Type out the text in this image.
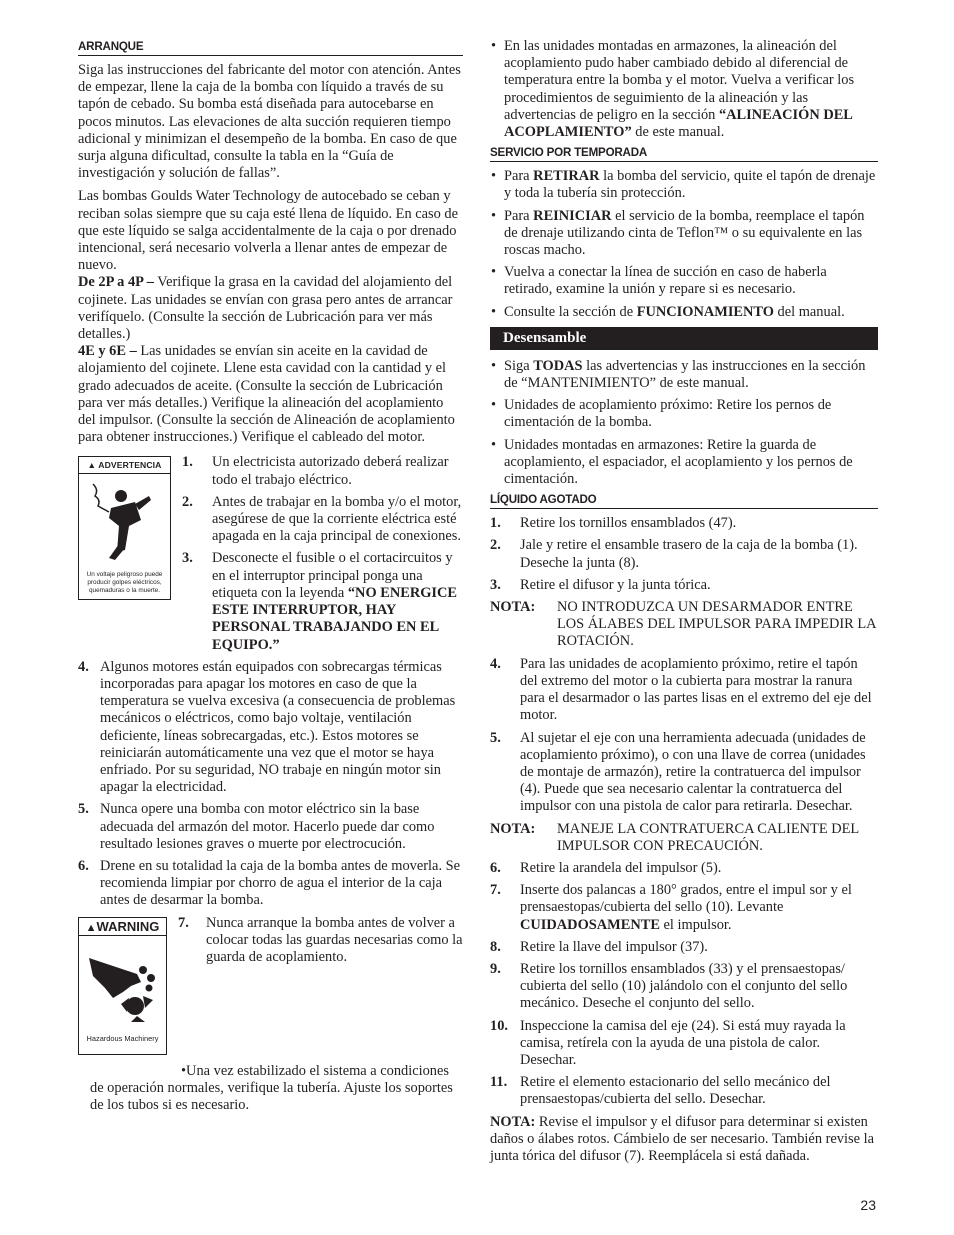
ARRANQUE

Siga las instrucciones del fabricante del motor con atención. Antes de empezar, llene la caja de la bomba con líquido a través de su tapón de cebado. Su bomba está diseñada para autocebarse en pocos minutos. Las elevaciones de alta succión requieren tiempo adicional y minimizan el desempeño de la bomba. En caso de que surja alguna dificultad, consulte la tabla en la “Guía de investigación y solución de fallas”.

Las bombas Goulds Water Technology de autocebado se ceban y reciban solas siempre que su caja esté llena de líquido. En caso de que este líquido se salga accidentalmente de la caja o por drenado intencional, será necesario volverla a llenar antes de empezar de nuevo.

De 2P a 4P – Verifique la grasa en la cavidad del alojamiento del cojinete. Las unidades se envían con grasa pero antes de arrancar verifíquelo. (Consulte la sección de Lubricación para ver más detalles.)

4E y 6E – Las unidades se envían sin aceite en la cavidad de alojamiento del cojinete. Llene esta cavidad con la cantidad y el grado adecuados de aceite. (Consulte la sección de Lubricación para ver más detalles.) Verifique la alineación del acoplamiento del impulsor. (Consulte la sección de Alineación de acoplamiento para obtener instrucciones.) Verifique el cableado del motor.

▲ ADVERTENCIA
Un voltaje peligroso puede producir golpes eléctricos, quemaduras o la muerte.
1. Un electricista autorizado deberá realizar todo el trabajo eléctrico.
2. Antes de trabajar en la bomba y/o el motor, asegúrese de que la corriente eléctrica esté apagada en la caja principal de conexiones.
3. Desconecte el fusible o el cortacircuitos y en el interruptor principal ponga una etiqueta con la leyenda “NO ENERGICE ESTE INTERRUPTOR, HAY PERSONAL TRABAJANDO EN EL EQUIPO.”
4. Algunos motores están equipados con sobrecargas térmicas incorporadas para apagar los motores en caso de que la temperatura se vuelva excesiva (a consecuencia de problemas mecánicos o eléctricos, como bajo voltaje, ventilación deficiente, líneas sobrecargadas, etc.). Estos motores se reiniciarán automáticamente una vez que el motor se haya enfriado. Por su seguridad, NO trabaje en ningún motor sin apagar la electricidad.
5. Nunca opere una bomba con motor eléctrico sin la base adecuada del armazón del motor. Hacerlo puede dar como resultado lesiones graves o muerte por electrocución.
6. Drene en su totalidad la caja de la bomba antes de moverla. Se recomienda limpiar por chorro de agua el interior de la caja antes de desarmar la bomba.
▲WARNING
Hazardous Machinery
7. Nunca arranque la bomba antes de volver a colocar todas las guardas necesarias como la guarda de acoplamiento.

•Una vez estabilizado el sistema a condiciones de operación normales, verifique la tubería. Ajuste los soportes de los tubos si es necesario.

• En las unidades montadas en armazones, la alineación del acoplamiento pudo haber cambiado debido al diferencial de temperatura entre la bomba y el motor. Vuelva a verificar los procedimientos de seguimiento de la alineación y las advertencias de peligro en la sección “ALINEACIÓN DEL ACOPLAMIENTO” de este manual.
SERVICIO POR TEMPORADA
• Para RETIRAR la bomba del servicio, quite el tapón de drenaje y toda la tubería sin protección.
• Para REINICIAR el servicio de la bomba, reemplace el tapón de drenaje utilizando cinta de Teflon™ o su equivalente en las roscas macho.
• Vuelva a conectar la línea de succión en caso de haberla retirado, examine la unión y repare si es necesario.
• Consulte la sección de FUNCIONAMIENTO del manual.
Desensamble
• Siga TODAS las advertencias y las instrucciones en la sección de “MANTENIMIENTO” de este manual.
• Unidades de acoplamiento próximo: Retire los pernos de cimentación de la bomba.
• Unidades montadas en armazones: Retire la guarda de acoplamiento, el espaciador, el acoplamiento y los pernos de cimentación.
LÍQUIDO AGOTADO
1. Retire los tornillos ensamblados (47).
2. Jale y retire el ensamble trasero de la caja de la bomba (1). Deseche la junta (8).
3. Retire el difusor y la junta tórica.
NOTA: NO INTRODUZCA UN DESARMADOR ENTRE LOS ÁLABES DEL IMPULSOR PARA IMPEDIR LA ROTACIÓN.
4. Para las unidades de acoplamiento próximo, retire el tapón del extremo del motor o la cubierta para mostrar la ranura para el desarmador o las partes lisas en el extremo del eje del motor.
5. Al sujetar el eje con una herramienta adecuada (unidades de acoplamiento próximo), o con una llave de correa (unidades de montaje de armazón), retire la contratuerca del impulsor (4). Puede que sea necesario calentar la contratuerca del impulsor con una pistola de calor para retirarla. Desechar.
NOTA: MANEJE LA CONTRATUERCA CALIENTE DEL IMPULSOR CON PRECAUCIÓN.
6. Retire la arandela del impulsor (5).
7. Inserte dos palancas a 180° grados, entre el impul sor y el prensaestopas/cubierta del sello (10). Levante CUIDADOSAMENTE el impulsor.
8. Retire la llave del impulsor (37).
9. Retire los tornillos ensamblados (33) y el prensaestopas/ cubierta del sello (10) jalándolo con el conjunto del sello mecánico. Deseche el conjunto del sello.
10. Inspeccione la camisa del eje (24). Si está muy rayada la camisa, retírela con la ayuda de una pistola de calor. Desechar.
11. Retire el elemento estacionario del sello mecánico del prensaestopas/cubierta del sello. Desechar.

NOTA: Revise el impulsor y el difusor para determinar si existen daños o álabes rotos. Cámbielo de ser necesario. También revise la junta tórica del difusor (7). Reemplácela si está dañada.

23
